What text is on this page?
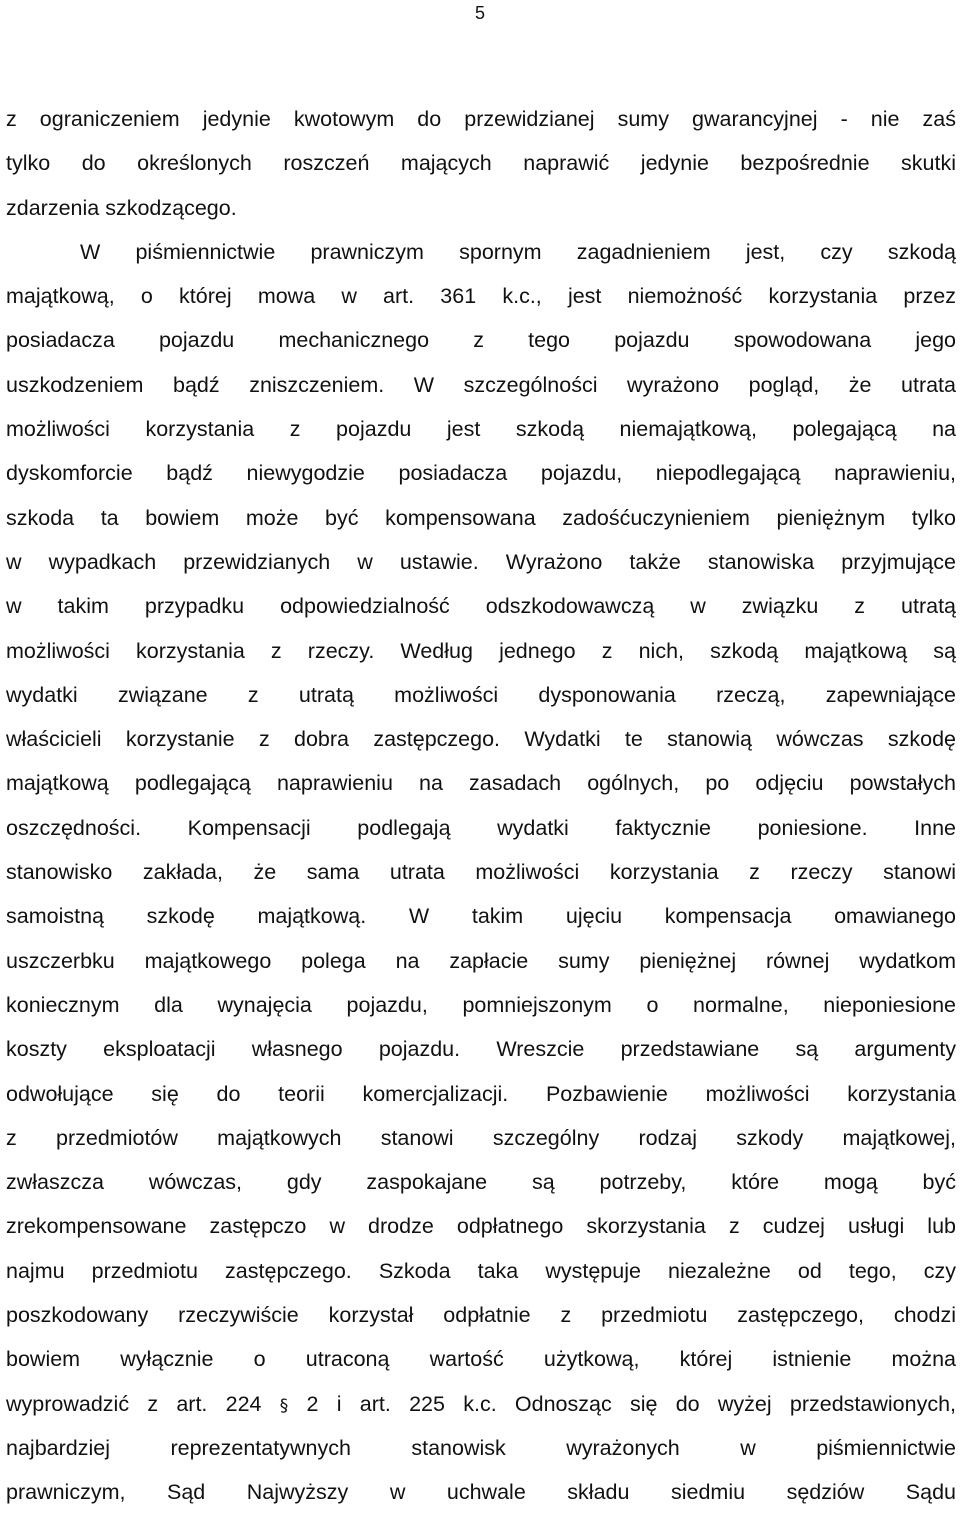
5
z ograniczeniem jedynie kwotowym do przewidzianej sumy gwarancyjnej - nie zaś
tylko do określonych roszczeń mających naprawić jedynie bezpośrednie skutki
zdarzenia szkodzącego.
W piśmiennictwie prawniczym spornym zagadnieniem jest, czy szkodą
majątkową, o której mowa w art. 361 k.c., jest niemożność korzystania przez
posiadacza pojazdu mechanicznego z tego pojazdu spowodowana jego
uszkodzeniem bądź zniszczeniem. W szczególności wyrażono pogląd, że utrata
możliwości korzystania z pojazdu jest szkodą niemajątkową, polegającą na
dyskomforcie bądź niewygodzie posiadacza pojazdu, niepodlegającą naprawieniu,
szkoda ta bowiem może być kompensowana zadośćuczynieniem pieniężnym tylko
w wypadkach przewidzianych w ustawie. Wyrażono także stanowiska przyjmujące
w takim przypadku odpowiedzialność odszkodowawczą w związku z utratą
możliwości korzystania z rzeczy. Według jednego z nich, szkodą majątkową są
wydatki związane z utratą możliwości dysponowania rzeczą, zapewniające
właścicieli korzystanie z dobra zastępczego. Wydatki te stanowią wówczas szkodę
majątkową podlegającą naprawieniu na zasadach ogólnych, po odjęciu powstałych
oszczędności. Kompensacji podlegają wydatki faktycznie poniesione. Inne
stanowisko zakłada, że sama utrata możliwości korzystania z rzeczy stanowi
samoistną szkodę majątkową. W takim ujęciu kompensacja omawianego
uszczerbku majątkowego polega na zapłacie sumy pieniężnej równej wydatkom
koniecznym dla wynajęcia pojazdu, pomniejszonym o normalne, nieponiesione
koszty eksploatacji własnego pojazdu. Wreszcie przedstawiane są argumenty
odwołujące się do teorii komercjalizacji. Pozbawienie możliwości korzystania
z przedmiotów majątkowych stanowi szczególny rodzaj szkody majątkowej,
zwłaszcza wówczas, gdy zaspokajane są potrzeby, które mogą być
zrekompensowane zastępczo w drodze odpłatnego skorzystania z cudzej usługi lub
najmu przedmiotu zastępczego. Szkoda taka występuje niezależne od tego, czy
poszkodowany rzeczywiście korzystał odpłatnie z przedmiotu zastępczego, chodzi
bowiem wyłącznie o utraconą wartość użytkową, której istnienie można
wyprowadzić z art. 224 § 2 i art. 225 k.c. Odnosząc się do wyżej przedstawionych,
najbardziej reprezentatywnych stanowisk wyrażonych w piśmiennictwie
prawniczym, Sąd Najwyższy w uchwale składu siedmiu sędziów Sądu
